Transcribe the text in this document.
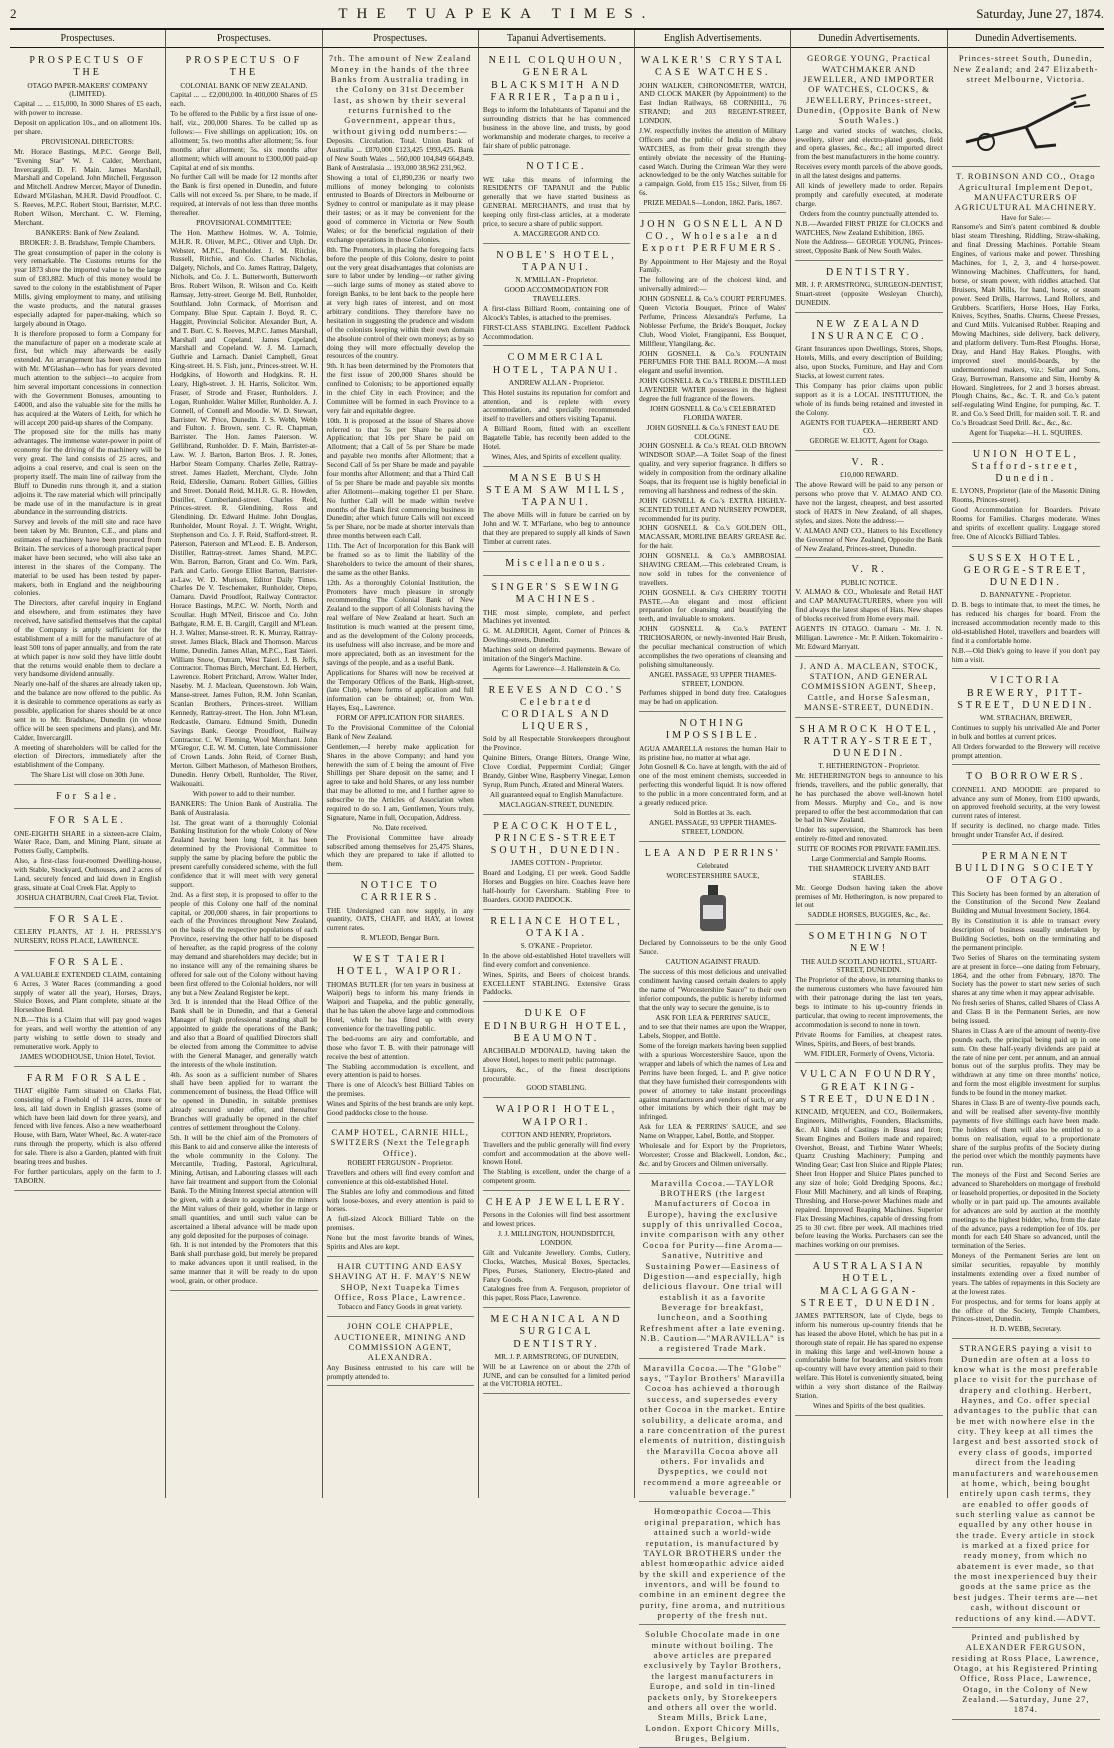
2	THE TUAPEKA TIMES.	Saturday, June 27, 1874.
Prospectuses.

PROSPECTUS OF THE

OTAGO PAPER-MAKERS' COMPANY (LIMITED).

Capital ... ... £15,000, In 3000 Shares of £5 each, with power to increase.

Deposit on application 10s., and on allotment 10s. per share.

PROVISIONAL DIRECTORS:

Mr. Horace Bastings, M.P.C. George Bell, "Evening Star" W. J. Calder, Merchant, Invercargill. D. F. Main. James Marshall, Marshall and Copeland. John Mitchell, Fergusson and Mitchell. Andrew Mercer, Mayor of Dunedin. Edward M'Glashan, M.H.R. David Proudfoot. C. S. Reeves, M.P.C. Robert Stout, Barrister, M.P.C. Robert Wilson, Merchant. C. W. Fleming, Merchant.

BANKERS: Bank of New Zealand.

BROKER: J. B. Bradshaw, Temple Chambers.

The great consumption of paper in the colony is very remarkable. The Customs returns for the year 1873 show the imported value to be the large sum of £83,882. Much of this money would be saved to the colony in the establishment of Paper Mills, giving employment to many, and utilising the waste products, and the natural grasses especially adapted for paper-making, which so largely abound in Otago.

It is therefore proposed to form a Company for the manufacture of paper on a moderate scale at first, but which may afterwards be easily extended. An arrangement has been entered into with Mr. M'Glashan—who has for years devoted much attention to the subject—to acquire from him several important concessions in connection with the Government Bonuses, amounting to £4000, and also the valuable site for the mills he has acquired at the Waters of Leith, for which he will accept 200 paid-up shares of the Company.

The proposed site for the mills has many advantages. The immense water-power in point of economy for the driving of the machinery will be very great. The land consists of 25 acres, and adjoins a coal reserve, and coal is seen on the property itself. The main line of railway from the Bluff to Dunedin runs through it, and a station adjoins it. The raw material which will principally be made use of in the manufacture is in great abundance in the surrounding districts.

Survey and levels of the mill site and race have been taken by Mr. Brunton, C.E., and plans and estimates of machinery have been procured from Britain. The services of a thorough practical paper maker have been secured, who will also take an interest in the shares of the Company. The material to be used has been tested by paper-makers, both in England and the neighbouring colonies.

The Directors, after careful inquiry in England and elsewhere, and from estimates they have received, have satisfied themselves that the capital of the Company is amply sufficient for the establishment of a mill for the manufacture of at least 500 tons of paper annually, and from the rate at which paper is now sold they have little doubt that the returns would enable them to declare a very handsome dividend annually.

Nearly one-half of the shares are already taken up, and the balance are now offered to the public. As it is desirable to commence operations as early as possible, application for shares should be at once sent in to Mr. Bradshaw, Dunedin (in whose office will be seen specimens and plans), and Mr. Calder, Invercargill.

A meeting of shareholders will be called for the election of Directors, immediately after the establishment of the Company.

The Share List will close on 30th June.

For Sale.

FOR SALE.

ONE-EIGHTH SHARE in a sixteen-acre Claim, Water Race, Dam, and Mining Plant, situate at Potters Gully, Campbells.

Also, a first-class four-roomed Dwelling-house, with Stable, Stockyard, Outhouses, and 2 acres of Land, securely fenced and laid down in English grass, situate at Coal Creek Flat. Apply to

JOSHUA CHATBURN, Coal Creek Flat, Teviot.

FOR SALE.

CELERY PLANTS, AT J. H. PRESSLY'S NURSERY, ROSS PLACE, LAWRENCE.

FOR SALE.

A VALUABLE EXTENDED CLAIM, containing 6 Acres, 3 Water Races (commanding a good supply of water all the year), Horses, Drays, Sluice Boxes, and Plant complete, situate at the Horseshoe Bend.

N.B.—This is a Claim that will pay good wages for years, and well worthy the attention of any party wishing to settle down to steady and remunerative work. Apply to

JAMES WOODHOUSE, Union Hotel, Teviot.

FARM FOR SALE.

THAT eligible Farm situated on Clarks Flat, consisting of a Freehold of 114 acres, more or less, all laid down in English grasses (some of which have been laid down for three years), and fenced with live fences. Also a new weatherboard House, with Barn, Water Wheel, &c. A water-race runs through the property, which is also offered for sale. There is also a Garden, planted with fruit bearing trees and bushes.

For further particulars, apply on the farm to J. TABORN.

Prospectuses.

PROSPECTUS OF THE

COLONIAL BANK OF NEW ZEALAND.

Capital ... ... £2,000,000. In 400,000 Shares of £5 each.

To be offered to the Public by a first issue of one-half, viz., 200,000 Shares. To be called up as follows:— Five shillings on application; 10s. on allotment; 5s. two months after allotment; 5s. four months after allotment; 5s. six months after allotment; which will amount to £300,000 paid-up Capital at end of six months.

No further Call will be made for 12 months after the Bank is first opened in Dunedin, and future Calls will not exceed 5s. per Share, to be made, if required, at intervals of not less than three months thereafter.

PROVISIONAL COMMITTEE:

The Hon. Matthew Holmes. W. A. Tolmie, M.H.R. R. Oliver, M.P.C., Oliver and Ulph. Dr. Webster, M.P.C., Runholder. J. M. Ritchie, Russell, Ritchie, and Co. Charles Nicholas, Dalgety, Nichols, and Co. James Rattray, Dalgety, Nichols, and Co. J. L. Butterworth, Butterworth Bros. Robert Wilson, R. Wilson and Co. Keith Ramsay, Jetty-street. George M. Bell, Runholder, Southland. John Cormack, of Morrison and Company. Blue Spur. Captain J. Boyd. R. C. Haggitt, Provincial Solicitor. Alexander Burt, A. and T. Burt. C. S. Reeves, M.P.C. James Marshall, Marshall and Copeland. James Copeland, Marshall and Copeland. W. J. M. Larnach, Guthrie and Larnach. Daniel Campbell, Great King-street. H. S. Fish, junr., Princes-street. W. H. Hodgkins, of Howorth and Hodgkins. R. H. Leary, High-street. J. H. Harris, Solicitor. Wm. Fraser, of Strode and Fraser, Runholders. J. Logan, Runholder. Walter Miller, Runholder. A. J. Connell, of Connell and Moodie. W. D. Stewart, Barrister. W. Price, Dunedin. J. S. Webb, Webb and Fulton. J. Brown, senr. C. R. Chapman, Barrister. The Hon. James Paterson. W. Gellibrand, Runholder. D. F. Main, Barrister-at-Law. W. J. Barton, Barton Bros. J. R. Jones, Harbor Steam Company. Charles Zelle, Rattray-street. James Hazlett, Merchant, Clyde. John Reid, Elderslie, Oamaru. Robert Gillies, Gillies and Street. Donald Reid, M.H.R. G. R. Howden, Distiller, Cumberland-street. Charles Reid, Princes-street. R. Glendining, Ross and Glendining. Dr. Edward Hulme. John Douglas, Runholder, Mount Royal. J. T. Wright, Wright, Stephenson and Co. J. F. Reid, Stafford-street. R. Paterson, Paterson and M'Leod. E. B. Anderson, Distiller, Rattray-street. James Shand, M.P.C. Wm. Barron, Barron, Grant and Co. Wm. Park, Park and Carlo. George Elliot Barton, Barrister-at-Law. W. D. Murison, Editor Daily Times. Charles De V. Teschemaker, Runholder, Otepo, Oamaru. David Proudfoot, Railway Contractor. Horace Bastings, M.P.C. W. North, North and Scoullar. Hugh M'Neil, Briscoe and Co. John Bathgate, R.M. E. B. Cargill, Cargill and M'Lean. H. J. Walter, Manse-street. R. K. Murray, Rattray-street. James Black, Black and Thomson. Marcus Hume, Dunedin. James Allan, M.P.C., East Taieri. William Snow, Outram, West Taieri. J. B. Jeffs, Contractor. Thomas Birch, Merchant. Ed. Herbert, Lawrence. Robert Pritchard, Arrow. Walter Inder, Naseby. M. J. Maclean, Queenstown. Job Wain, Manse-street. James Fulton, R.M. John Scanlan, Scanlan Brothers, Princes-street. William Kennedy, Rattray-street. The Hon. John M'Lean, Redcastle, Oamaru. Edmund Smith, Dunedin Savings Bank. George Proudfoot, Railway Contractor. C. W. Fleming, Wool Merchant. John M'Gregor, C.E. W. M. Cutten, late Commissioner of Crown Lands. John Reid, of Corner Bush, Merton. Gilbert Matheson, of Matheson Brothers, Dunedin. Henry Orbell, Runholder, The River, Waikouaiti.

With power to add to their number.

BANKERS: The Union Bank of Australia. The Bank of Australasia.

1st. The great want of a thoroughly Colonial Banking Institution for the whole Colony of New Zealand having been long felt, it has been determined by the Provisional Committee to supply the same by placing before the public the present carefully considered scheme, with the full confidence that it will meet with very general support.

2nd. As a first step, it is proposed to offer to the people of this Colony one half of the nominal capital, or 200,000 shares, in fair proportions to each of the Provinces throughout New Zealand, on the basis of the respective populations of each Province, reserving the other half to be disposed of hereafter, as the rapid progress of the colony may demand and shareholders may decide; but in no instance will any of the remaining shares be offered for sale out of the Colony without having been first offered to the Colonial holders, nor will any but a New Zealand Register be kept.

3rd. It is intended that the Head Office of the Bank shall be in Dunedin, and that a General Manager of high professional standing shall be appointed to guide the operations of the Bank; and also that a Board of qualified Directors shall be elected from among the Committee to advise with the General Manager, and generally watch the interests of the whole institution.

4th. As soon as a sufficient number of Shares shall have been applied for to warrant the commencement of business, the Head Office will be opened in Dunedin, in suitable premises already secured under offer, and thereafter Branches will gradually be opened in the chief centres of settlement throughout the Colony.

5th. It will be the chief aim of the Promoters of this Bank to aid and conserve alike the interests of the whole community in the Colony. The Mercantile, Trading, Pastoral, Agricultural, Mining, Artisan, and Labouring classes will each have fair treatment and support from the Colonial Bank. To the Mining Interest special attention will be given, with a desire to acquire for the miners the Mint values of their gold, whether in large or small quantities, and until such value can be ascertained a liberal advance will be made upon any gold deposited for the purposes of coinage.

6th. It is not intended by the Promoters that this Bank shall purchase gold, but merely be prepared to make advances upon it until realised, in the same manner that it will be ready to do upon wool, grain, or other produce.

Prospectuses.

7th. The amount of New Zealand Money in the hands of the three Banks from Australia trading in the Colony on 31st December last, as shown by their several returns furnished to the Government, appear thus, without giving odd numbers:—

Deposits. Circulation. Total. Union Bank of Australia ... £870,000 £123,425 £993,425. Bank of New South Wales ... 560,000 104,849 664,849. Bank of Australasia ... 193,000 38,962 231,962.

Showing a total of £1,890,236 or nearly two millions of money belonging to colonists entrusted to Boards of Directors in Melbourne or Sydney to control or manipulate as it may please their tastes; or as it may be convenient for the good of commerce in Victoria or New South Wales; or for the beneficial regulation of their exchange operations in those Colonies.

8th. The Promoters, in placing the foregoing facts before the people of this Colony, desire to point out the very great disadvantages that colonists are sure to labor under by lending—or rather giving—such large sums of money as stated above to foreign Banks, to be lent back to the people here at very high rates of interest, and on most arbitrary conditions. They therefore have no hesitation in suggesting the prudence and wisdom of the colonists keeping within their own domain the absolute control of their own moneys; as by so doing they will more effectually develop the resources of the country.

9th. It has been determined by the Promoters that the first issue of 200,000 Shares should be confined to Colonists; to be apportioned equally in the chief City in each Province; and the Committee will be formed in each Province to a very fair and equitable degree.

10th. It is proposed at the issue of Shares above referred to that 5s per Share be paid on Application; that 10s per Share be paid on Allotment; that a Call of 5s per Share be made and payable two months after Allotment; that a Second Call of 5s per Share be made and payable four months after Allotment; and that a Third Call of 5s per Share be made and payable six months after Allotment—making together £1 per Share. No further Call will be made within twelve months of the Bank first commencing business in Dunedin; after which future Calls will not exceed 5s per Share, nor be made at shorter intervals than three months between each Call.

11th. The Act of Incorporation for this Bank will be framed so as to limit the liability of the Shareholders to twice the amount of their shares, the same as the other Banks.

12th. As a thoroughly Colonial Institution, the Promoters have much pleasure in strongly recommending The Colonial Bank of New Zealand to the support of all Colonists having the real welfare of New Zealand at heart. Such an Institution is much wanted at the present time, and as the development of the Colony proceeds, its usefulness will also increase, and be more and more appreciated, both as an investment for the savings of the people, and as a useful Bank.

Applications for Shares will now be received at the Temporary Offices of the Bank, High-street, (late Club), where forms of application and full information can be obtained; or, from Wm. Hayes, Esq., Lawrence.

FORM OF APPLICATION FOR SHARES.

To the Provisional Committee of the Colonial Bank of New Zealand.

Gentlemen,—I hereby make application for Shares in the above Company; and hand you herewith the sum of £ being the amount of Five Shillings per Share deposit on the same; and I agree to take and hold Shares, or any less number that may be allotted to me, and I further agree to subscribe to the Articles of Association when required to do so. I am, Gentlemen, Yours truly, Signature, Name in full, Occupation, Address.

No. Date received.

The Provisional Committee have already subscribed among themselves for 25,475 Shares, which they are prepared to take if allotted to them.

NOTICE TO CARRIERS.

THE Undersigned can now supply, in any quantity, OATS, CHAFF, and HAY, at lowest current rates.

R. M'LEOD, Bengar Burn.

WEST TAIERI HOTEL, WAIPORI.

THOMAS BUTLER (for ten years in business at Waipori) begs to inform his many friends in Waipori and Tuapeka, and the public generally, that he has taken the above large and commodious Hotel, which he has fitted up with every convenience for the travelling public.

The bed-rooms are airy and comfortable, and those who favor T. B. with their patronage will receive the best of attention.

The Stabling accommodation is excellent, and every attention is paid to horses.

There is one of Alcock's best Billiard Tables on the premises.

Wines and Spirits of the best brands are only kept. Good paddocks close to the house.

CAMP HOTEL, CARNIE HILL, SWITZERS (Next the Telegraph Office).

ROBERT FERGUSON - Proprietor.

Travellers and others will find every comfort and convenience at this old-established Hotel.

The Stables are lofty and commodious and fitted with loose-boxes, and every attention is paid to horses.

A full-sized Alcock Billiard Table on the premises.

None but the most favorite brands of Wines, Spirits and Ales are kept.

HAIR CUTTING AND EASY SHAVING AT H. F. MAY'S NEW SHOP, Next Tuapeka Times Office, Ross Place, Lawrence.

Tobacco and Fancy Goods in great variety.

JOHN COLE CHAPPLE, AUCTIONEER, MINING AND COMMISSION AGENT, ALEXANDRA.

Any Business entrusted to his care will be promptly attended to.

Tapanui Advertisements.

NEIL COLQUHOUN, GENERAL BLACKSMITH AND FARRIER, Tapanui,

Begs to inform the Inhabitants of Tapanui and the surrounding districts that he has commenced business in the above line, and trusts, by good workmanship and moderate charges, to receive a fair share of public patronage.

NOTICE.

WE take this means of informing the RESIDENTS OF TAPANUI and the Public generally that we have started business as GENERAL MERCHANTS, and trust that by keeping only first-class articles, at a moderate price, to secure a share of public support.

A. MACGREGOR AND CO.

NOBLE'S HOTEL, TAPANUI.

N. M'MILLAN - Proprietor.

GOOD ACCOMMODATION FOR TRAVELLERS.

A first-class Billiard Room, containing one of Alcock's Tables, is attached to the premises.

FIRST-CLASS STABLING. Excellent Paddock Accommodation.

COMMERCIAL HOTEL, TAPANUI.

ANDREW ALLAN - Proprietor.

This Hotel sustains its reputation for comfort and attention, and is replete with every accommodation, and specially recommended itself to travellers and others visiting Tapanui.

A Billiard Room, fitted with an excellent Bagatelle Table, has recently been added to the Hotel.

Wines, Ales, and Spirits of excellent quality.

MANSE BUSH STEAM SAW MILLS, TAPANUI.

The above Mills will in future be carried on by John and W. T. M'Farlane, who beg to announce that they are prepared to supply all kinds of Sawn Timber at current rates.

Miscellaneous.

SINGER'S SEWING MACHINES.

THE most simple, complete, and perfect Machines yet invented.

G. M. ALDRICH, Agent, Corner of Princes & Dowling-streets, Dunedin.

Machines sold on deferred payments. Beware of imitation of the Singer's Machine.

Agents for Lawrence—J. Hallenstein & Co.

REEVES AND CO.'S Celebrated CORDIALS AND LIQUERS,

Sold by all Respectable Storekeepers throughout the Province.

Quinine Bitters, Orange Bitters, Orange Wine, Clove Cordial, Peppermint Cordial; Ginger Brandy, Ginber Wine, Raspberry Vinegar, Lemon Syrup, Rum Punch, Ærated and Mineral Waters.

All guaranteed equal to English Manufacture.

MACLAGGAN-STREET, DUNEDIN.

PEACOCK HOTEL, PRINCES-STREET SOUTH, DUNEDIN.

JAMES COTTON - Proprietor.

Board and Lodging, £1 per week. Good Saddle Horses and Buggies on hire. Coaches leave here half-hourly for Caversham. Stabling Free to Boarders. GOOD PADDOCK.

RELIANCE HOTEL, OTAKIA.

S. O'KANE - Proprietor.

In the above old-established Hotel travellers will find every comfort and convenience.

Wines, Spirits, and Beers of choicest brands. EXCELLENT STABLING. Extensive Grass Paddocks.

DUKE OF EDINBURGH HOTEL, BEAUMONT.

ARCHIBALD M'DONALD, having taken the above Hotel, hopes to merit public patronage.

Liquors, &c., of the finest descriptions procurable.

GOOD STABLING.

WAIPORI HOTEL, WAIPORI.

COTTON AND HENRY, Proprietors.

Travellers and the public generally will find every comfort and accommodation at the above well-known Hotel.

The Stabling is excellent, under the charge of a competent groom.

CHEAP JEWELLERY.

Persons in the Colonies will find best assortment and lowest prices.

J. J. MILLINGTON, HOUNDSDITCH, LONDON.

Gilt and Vulcanite Jewellery. Combs, Cutlery, Clocks, Watches, Musical Boxes, Spectacles, Pipes, Purses, Stationery, Electro-plated and Fancy Goods.

Catalogues free from A. Ferguson, proprietor of this paper, Ross Place, Lawrence.

MECHANICAL AND SURGICAL DENTISTRY.

MR. J. P. ARMSTRONG, OF DUNEDIN,

Will be at Lawrence on or about the 27th of JUNE, and can be consulted for a limited period at the VICTORIA HOTEL.

English Advertisements.

WALKER'S CRYSTAL CASE WATCHES.

JOHN WALKER, CHRONOMETER, WATCH, AND CLOCK MAKER (by Appointment) to the East Indian Railways, 68 CORNHILL, 76 STRAND; and 203 REGENT-STREET, LONDON.

J.W. respectfully invites the attention of Military Officers and the public of India to the above WATCHES, as from their great strength they entirely obviate the necessity of the Hunting-cased Watch. During the Crimean War they were acknowledged to be the only Watches suitable for a campaign. Gold, from £15 15s.; Silver, from £6 6s.

PRIZE MEDALS—London, 1862. Paris, 1867.

JOHN GOSNELL AND CO., Wholesale and Export PERFUMERS.

By Appointment to Her Majesty and the Royal Family.

The following are of the choicest kind, and universally admired:—

JOHN GOSNELL & Co.'s COURT PERFUMES. Queen Victoria Bouquet, Prince of Wales' Perfume, Princess Alexandra's Perfume, La Noblesse Perfume, the Bride's Bouquet, Jockey Club, Wood Violet, Frangipanni, Ess Bouquet, Millfleur, Ylangilang, &c.

JOHN GOSNELL & Co.'s FOUNTAIN PERFUMES FOR THE BALL ROOM.—A most elegant and useful invention.

JOHN GOSNELL & Co.'s TREBLE DISTILLED LAVENDER WATER possesses in the highest degree the full fragrance of the flowers.

JOHN GOSNELL & Co.'s CELEBRATED FLORIDA WATER.

JOHN GOSNELL & Co.'s FINEST EAU DE COLOGNE.

JOHN GOSNELL & Co.'s REAL OLD BROWN WINDSOR SOAP.—A Toilet Soap of the finest quality, and very superior fragrance. It differs so widely in composition from the ordinary alkaline Soaps, that its frequent use is highly beneficial in removing all harshness and redness of the skin.

JOHN GOSNELL & Co.'s EXTRA HIGHLY-SCENTED TOILET AND NURSERY POWDER, recommended for its purity.

JOHN GOSNELL & Co.'s GOLDEN OIL, MACASSAR, MORLINE BEARS' GREASE &c. for the hair.

JOHN GOSNELL & Co.'s AMBROSIAL SHAVING CREAM.—This celebrated Cream, is now sold in tubes for the convenience of travellers.

JOHN GOSNELL & Co's CHERRY TOOTH PASTE.—An elegant and most efficient preparation for cleansing and beautifying the teeth, and invaluable to smokers.

JOHN GOSNELL & Co.'s PATENT TRICHOSARON, or newly-invented Hair Brush, the peculiar mechanical construction of which accomplishes the two operations of cleansing and polishing simultaneously.

ANGEL PASSAGE, 93 UPPER THAMES-STREET, LONDON.

Perfumes shipped in bond duty free. Catalogues may be had on application.

NOTHING IMPOSSIBLE.

AGUA AMARELLA restores the human Hair to its pristine hue, no matter at what age.

John Gosnell & Co. have at length, with the aid of one of the most eminent chemists, succeeded in perfecting this wonderful liquid. It is now offered to the public in a more concentrated form, and at a greatly reduced price.

Sold in Bottles at 3s. each.

ANGEL PASSAGE, 93 UPPER THAMES-STREET, LONDON.

LEA AND PERRINS'

Celebrated

WORCESTERSHIRE SAUCE,

Declared by Connoisseurs to be the only Good Sauce.

CAUTION AGAINST FRAUD.

The success of this most delicious and unrivalled condiment having caused certain dealers to apply the name of "Worcestershire Sauce" to their own inferior compounds, the public is hereby informed that the only way to secure the genuine, is to

ASK FOR LEA & PERRINS' SAUCE,

and to see that their names are upon the Wrapper, Labels, Stopper, and Bottle.

Some of the foreign markets having been supplied with a spurious Worcestershire Sauce, upon the wrapper and labels of which the names of Lea and Perrins have been forged, L. and P. give notice that they have furnished their correspondents with power of attorney to take instant proceedings against manufacturers and vendors of such, or any other imitations by which their right may be infringed.

Ask for LEA & PERRINS' SAUCE, and see Name on Wrapper, Label, Bottle, and Stopper.

Wholesale and for Export by the Proprietors, Worcester; Crosse and Blackwell, London, &c., &c. and by Grocers and Oilmen universally.

Maravilla Cocoa.—TAYLOR BROTHERS (the largest Manufacturers of Cocoa in Europe), having the exclusive supply of this unrivalled Cocoa, invite comparison with any other Cocoa for Purity—fine Aroma—Sanative, Nutritive and Sustaining Power—Easiness of Digestion—and especially, high delicious flavour. One trial will establish it as a favorite Beverage for breakfast, luncheon, and a Soothing Refreshment after a late evening. N.B. Caution—"MARAVILLA" is a registered Trade Mark.

Maravilla Cocoa.—The "Globe" says, "Taylor Brothers' Maravilla Cocoa has achieved a thorough success, and supersedes every other Cocoa in the market. Entire solubility, a delicate aroma, and a rare concentration of the purest elements of nutrition, distinguish the Maravilla Cocoa above all others. For invalids and Dyspeptics, we could not recommend a more agreeable or valuable beverage."

Homœopathic Cocoa—This original preparation, which has attained such a world-wide reputation, is manufactured by TAYLOR BROTHERS under the ablest homœopathic advice aided by the skill and experience of the inventors, and will be found to combine in an eminent degree the purity, fine aroma, and nutritious property of the fresh nut.

Soluble Chocolate made in one minute without boiling. The above articles are prepared exclusively by Taylor Brothers, the largest manufacturers in Europe, and sold in tin-lined packets only, by Storekeepers and others all over the world. Steam Mills, Brick Lane, London. Export Chicory Mills, Bruges, Belgium.

Dunedin Advertisements.

GEORGE YOUNG, Practical WATCHMAKER AND JEWELLER, AND IMPORTER OF WATCHES, CLOCKS, & JEWELLERY, Princes-street, Dunedin, (Opposite Bank of New South Wales.)

Large and varied stocks of watches, clocks, jewellery, silver and electro-plated goods, field and opera glasses, &c., &c.; all imported direct from the best manufacturers in the home country.

Receives every month parcels of the above goods, in all the latest designs and patterns.

All kinds of jewellery made to order. Repairs promptly and carefully executed, at moderate charge.

Orders from the country punctually attended to.

N.B.—Awarded FIRST PRIZE for CLOCKS and WATCHES, New Zealand Exhibition, 1865.

Note the Address— GEORGE YOUNG, Princes-street, Opposite Bank of New South Wales.

DENTISTRY.

MR. J. P. ARMSTRONG, SURGEON-DENTIST, Stuart-street (opposite Wesleyan Church), DUNEDIN.

NEW ZEALAND INSURANCE CO.

Grant Insurances upon Dwellings, Stores, Shops, Hotels, Mills, and every description of Building; also, upon Stocks, Furniture, and Hay and Corn Stacks, at lowest current rates.

This Company has prior claims upon public support as it is a LOCAL INSTITUTION, the whole of its funds being retained and invested in the Colony.

AGENTS FOR TUAPEKA—HERBERT AND CO.

GEORGE W. ELIOTT, Agent for Otago.

V. R.

£10,000 REWARD.

The above Reward will be paid to any person or persons who prove that V. ALMAO AND CO. have not the largest, cheapest, and best assorted stock of HATS in New Zealand, of all shapes, styles, and sizes. Note the address:—

V. ALMAO AND CO., Hatters to his Excellency the Governor of New Zealand, Opposite the Bank of New Zealand, Princes-street, Dunedin.

V. R.

PUBLIC NOTICE.

V. ALMAO & CO., Wholesale and Retail HAT and CAP MANUFACTURERS, where you will find always the latest shapes of Hats. New shapes of blocks received from Home every mail.

AGENTS IN OTAGO. Oamaru - Mr. J. N. Milligan. Lawrence - Mr. P. Aitken. Tokomairiro - Mr. Edward Marryatt.

J. AND A. MACLEAN, STOCK, STATION, AND GENERAL COMMISSION AGENT, Sheep, Cattle, and Horse Salesman, MANSE-STREET, DUNEDIN.

SHAMROCK HOTEL, RATTRAY-STREET, DUNEDIN.

T. HETHERINGTON - Proprietor.

Mr. HETHERINGTON begs to announce to his friends, travellers, and the public generally, that he has purchased the above well-known hotel from Messrs. Murphy and Co., and is now prepared to offer the best accommodation that can be had in New Zealand.

Under his supervision, the Shamrock has been entirely re-fitted and renovated.

SUITE OF ROOMS FOR PRIVATE FAMILIES.

Large Commercial and Sample Rooms.

THE SHAMROCK LIVERY AND BAIT STABLES.

Mr. George Dodson having taken the above premises of Mr. Hetherington, is now prepared to let out

SADDLE HORSES, BUGGIES, &c., &c.

SOMETHING NOT NEW!

THE AULD SCOTLAND HOTEL, STUART-STREET, DUNEDIN.

The Proprietor of the above, in returning thanks to the numerous customers who have favoured him with their patronage during the last ten years, begs to intimate to his up-country friends in particular, that owing to recent improvements, the accommodation is second to none in town.

Private Rooms for Families, at cheapest rates. Wines, Spirits, and Beers, of best brands.

WM. FIDLER, Formerly of Ovens, Victoria.

VULCAN FOUNDRY, GREAT KING-STREET, DUNEDIN.

KINCAID, M'QUEEN, and CO., Boilermakers, Engineers, Millwrights, Founders, Blacksmiths, &c. All kinds of Castings in Brass and Iron; Steam Engines and Boilers made and repaired; Overshot, Breast, and Turbine Water Wheels; Quartz Crushing Machinery; Pumping and Winding Gear; Cast Iron Sluice and Ripple Plates; Sheet Iron Hopper and Sluice Plates punched to any size of hole; Gold Dredging Spoons, &c.; Flour Mill Machinery, and all kinds of Reaping, Threshing, and Horse-power Machines made and repaired. Improved Reaping Machines. Superior Flax Dressing Machines, capable of dressing from 25 to 30 cwt. fibre per week. All machines tried before leaving the Works. Purchasers can see the machines working on our premises.

AUSTRALASIAN HOTEL, MACLAGGAN-STREET, DUNEDIN.

JAMES PATTERSON, late of Clyde, begs to inform his numerous up-country friends that he has leased the above Hotel, which he has put in a thorough state of repair. He has spared no expense in making this large and well-known house a comfortable home for boarders; and visitors from up-country will have every attention paid to their welfare. This Hotel is conveniently situated, being within a very short distance of the Railway Station.

Wines and Spirits of the best qualities.

Dunedin Advertisements.

Princes-street South, Dunedin, New Zealand; and 247 Elizabeth-street Melbourne, Victoria.

T. ROBINSON AND CO., Otago Agricultural Implement Depot, MANUFACTURERS OF AGRICULTURAL MACHINERY.

Have for Sale:—

Ransome's and Sim's patent combined & double blast steam Threshing, Riddling, Straw-shaking, and final Dressing Machines. Portable Steam Engines, of various make and power. Threshing Machines, for 1, 2, 3, and 4 horse-power. Winnowing Machines. Chaffcutters, for hand, horse, or steam power, with riddles attached. Oat Bruisers, Malt Mills, for hand, horse, or steam power. Seed Drills, Harrows, Land Rollers, and Grubbers. Scarifiers, Horse Hoes, Hay Forks, Knives, Scythes, Snaths. Churns, Cheese Presses, and Curd Mills. Vulcanised Rubber. Reaping and Mowing Machines, side delivery, back delivery, and platform delivery. Turn-Rest Ploughs. Horse, Dray, and Hand Hay Rakes. Ploughs, with improved steel mould-boards, by the undermentioned makers, viz.: Sellar and Sons, Gray, Burrowman, Ransome and Sim, Hornby & Howard. Singletrees, for 2 and 3 horses abreast. Plough Chains, &c., &c. T. R. and Co.'s patent self-regulating Wind Engine, for pumping, &c. T. R. and Co.'s Seed Drill, for maiden soil. T. R. and Co.'s Broadcast Seed Drill. &c., &c., &c.

Agent for Tuapeka:—H. L. SQUIRES.

UNION HOTEL, Stafford-street, Dunedin.

E. LYONS, Proprietor (late of the Masonic Dining Rooms, Princes-street).

Good Accommodation for Boarders. Private Rooms for Families. Charges moderate. Wines and spirits of excellent quality. Luggage stored free. One of Alcock's Billiard Tables.

SUSSEX HOTEL, GEORGE-STREET, DUNEDIN.

D. BANNATYNE - Proprietor.

D. B. begs to intimate that, to meet the times, he has reduced his charges for board. From the increased accommodation recently made to this old-established Hotel, travellers and boarders will find it a comfortable home.

N.B.—Old Diek's going to leave if you don't pay him a visit.

VICTORIA BREWERY, PITT-STREET, DUNEDIN.

WM. STRACHAN, BREWER,

Continues to supply his unrivalled Ale and Porter in bulk and bottles at current prices.

All Orders forwarded to the Brewery will receive prompt attention.

TO BORROWERS.

CONNELL AND MOODIE are prepared to advance any sum of Money, from £100 upwards, on approved freehold security, at the very lowest current rates of interest.

If security is declined, no charge made. Titles brought under Transfer Act, if desired.

PERMANENT BUILDING SOCIETY OF OTAGO.

This Society has been formed by an alteration of the Constitution of the Second New Zealand Building and Mutual Investment Society, 1864.

By its Constitution it is able to transact every description of business usually undertaken by Building Societies, both on the terminating and the permanent principle.

Two Series of Shares on the terminating system are at present in force—one dating from February, 1864, and the other from February, 1870. The Society has the power to start new series of such shares at any time when it may appear advisable.

No fresh series of Shares, called Shares of Class A and Class B in the Permanent Series, are now being issued.

Shares in Class A are of the amount of twenty-five pounds each, the principal being paid up in one sum. On these half-yearly dividends are paid at the rate of nine per cent. per annum, and an annual bonus out of the surplus profits. They may be withdrawn at any time on three months' notice, and form the most eligible investment for surplus funds to be found in the money market.

Shares in Class B are of twenty-five pounds each, and will be realised after seventy-five monthly payments of five shillings each have been made. The holders of them will also be entitled to a bonus on realisation, equal to a proportionate share of the surplus profits of the Society during the period over which the monthly payments have run.

The moneys of the First and Second Series are advanced to Shareholders on mortgage of freehold or leasehold properties, or deposited in the Society wholly or in part paid up. The amounts available for advances are sold by auction at the monthly meetings to the highest bidder, who, from the date of the advance, pays a redemption fee of 10s. per month for each £40 Share so advanced, until the termination of the Series.

Moneys of the Permanent Series are lent on similar securities, repayable by monthly instalments extending over a fixed number of years. The tables of repayments in this Society are at the lowest rates.

For prospectus, and for terms for loans apply at the office of the Society, Temple Chambers, Princes-street, Dunedin.

H. D. WEBB, Secretary.

STRANGERS paying a visit to Dunedin are often at a loss to know what is the most preferable place to visit for the purchase of drapery and clothing. Herbert, Haynes, and Co. offer special advantages to the public that can be met with nowhere else in the city. They keep at all times the largest and best assorted stock of every class of goods, imported direct from the leading manufacturers and warehousemen at home, which, being bought entirely upon cash terms, they are enabled to offer goods of such sterling value as cannot be equalled by any other house in the trade. Every article in stock is marked at a fixed price for ready money, from which no abatement is ever made, so that the most inexperienced buy their goods at the same price as the best judges. Their terms are—net cash, without discount or reductions of any kind.—ADVT.

Printed and published by ALEXANDER FERGUSON, residing at Ross Place, Lawrence, Otago, at his Registered Printing Office, Ross Place, Lawrence, Otago, in the Colony of New Zealand.—Saturday, June 27, 1874.
